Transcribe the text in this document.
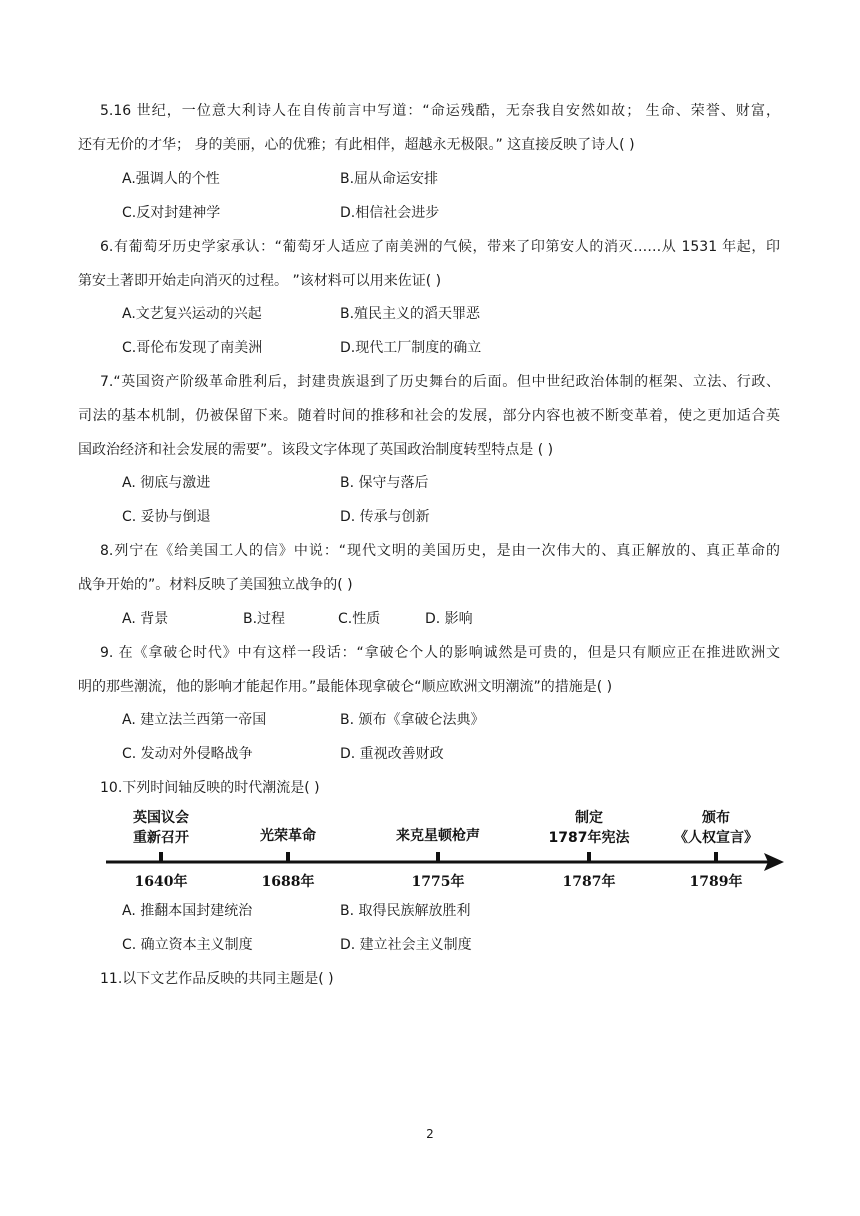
5.16 世纪，一位意大利诗人在自传前言中写道：“命运残酷，无奈我自安然如故； 生命、荣誉、财富，
还有无价的才华； 身的美丽，心的优雅；有此相伴，超越永无极限。” 这直接反映了诗人( )
A.强调人的个性	B.屈从命运安排
C.反对封建神学	D.相信社会进步
6.有葡萄牙历史学家承认：“葡萄牙人适应了南美洲的气候，带来了印第安人的消灭……从 1531 年起，印
第安土著即开始走向消灭的过程。 ”该材料可以用来佐证( )
A.文艺复兴运动的兴起	B.殖民主义的滔天罪恶
C.哥伦布发现了南美洲	D.现代工厂制度的确立
7.“英国资产阶级革命胜利后，封建贵族退到了历史舞台的后面。但中世纪政治体制的框架、立法、行政、
司法的基本机制，仍被保留下来。随着时间的推移和社会的发展，部分内容也被不断变革着，使之更加适合英
国政治经济和社会发展的需要”。该段文字体现了英国政治制度转型特点是 ( )
A. 彻底与激进	B. 保守与落后
C. 妥协与倒退	D. 传承与创新
8.列宁在《给美国工人的信》中说：“现代文明的美国历史，是由一次伟大的、真正解放的、真正革命的
战争开始的”。材料反映了美国独立战争的( )
A. 背景	B.过程	C.性质	D. 影响
9. 在《拿破仑时代》中有这样一段话：“拿破仑个人的影响诚然是可贵的，但是只有顺应正在推进欧洲文
明的那些潮流，他的影响才能起作用。”最能体现拿破仑“顺应欧洲文明潮流”的措施是( )
A. 建立法兰西第一帝国	B. 颁布《拿破仑法典》
C. 发动对外侵略战争	D. 重视改善财政
10.下列时间轴反映的时代潮流是( )
英国议会
重新召开
1640年
光荣革命
1688年
来克星顿枪声
1775年
制定
1787年宪法
1787年
颁布
《人权宣言》
1789年
A. 推翻本国封建统治	B. 取得民族解放胜利
C. 确立资本主义制度	D. 建立社会主义制度
11.以下文艺作品反映的共同主题是( )
2
